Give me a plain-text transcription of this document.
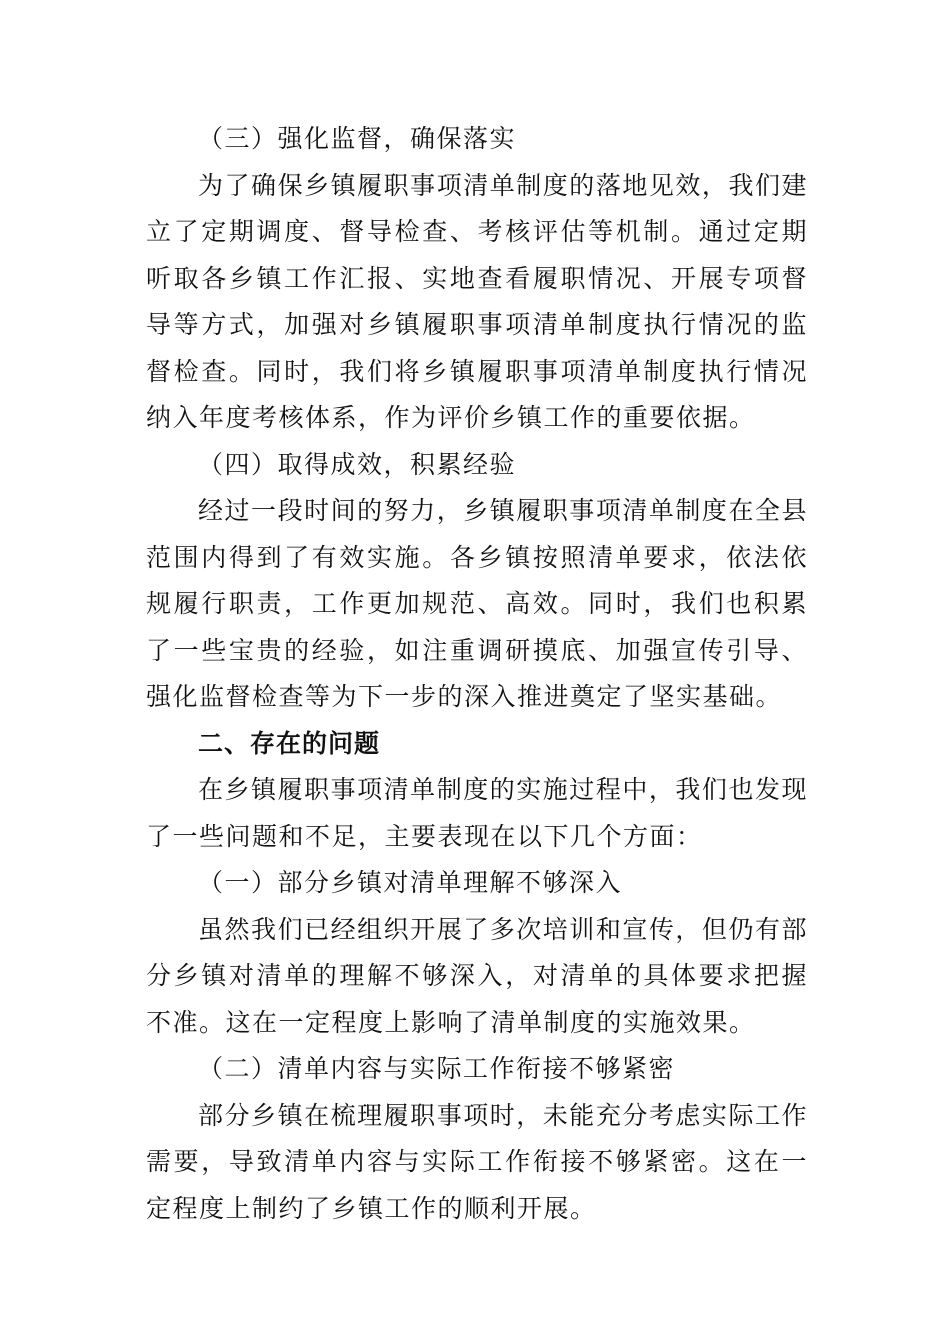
（三）强化监督，确保落实

为了确保乡镇履职事项清单制度的落地见效，我们建立了定期调度、督导检查、考核评估等机制。通过定期听取各乡镇工作汇报、实地查看履职情况、开展专项督导等方式，加强对乡镇履职事项清单制度执行情况的监督检查。同时，我们将乡镇履职事项清单制度执行情况纳入年度考核体系，作为评价乡镇工作的重要依据。

（四）取得成效，积累经验

经过一段时间的努力，乡镇履职事项清单制度在全县范围内得到了有效实施。各乡镇按照清单要求，依法依规履行职责，工作更加规范、高效。同时，我们也积累了一些宝贵的经验，如注重调研摸底、加强宣传引导、强化监督检查等为下一步的深入推进奠定了坚实基础。

二、存在的问题

在乡镇履职事项清单制度的实施过程中，我们也发现了一些问题和不足，主要表现在以下几个方面：

（一）部分乡镇对清单理解不够深入

虽然我们已经组织开展了多次培训和宣传，但仍有部分乡镇对清单的理解不够深入，对清单的具体要求把握不准。这在一定程度上影响了清单制度的实施效果。

（二）清单内容与实际工作衔接不够紧密

部分乡镇在梳理履职事项时，未能充分考虑实际工作需要，导致清单内容与实际工作衔接不够紧密。这在一定程度上制约了乡镇工作的顺利开展。
